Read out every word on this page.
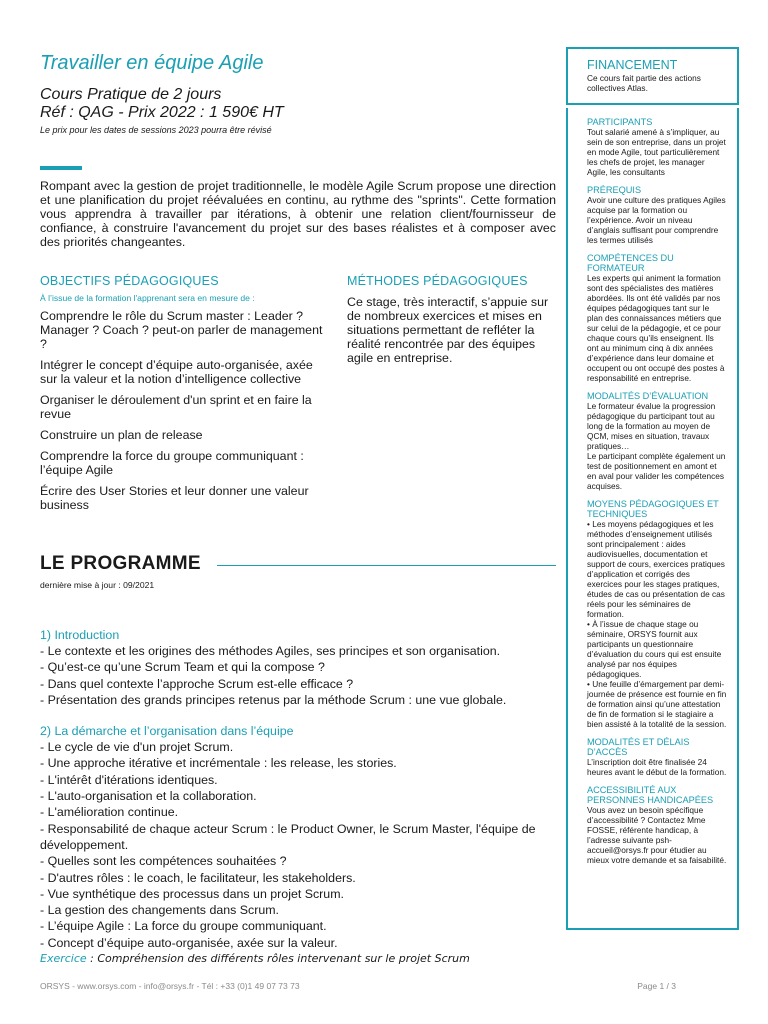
Travailler en équipe Agile
Cours Pratique de 2 jours
Réf : QAG - Prix 2022 : 1 590€ HT
Le prix pour les dates de sessions 2023 pourra être révisé

Rompant avec la gestion de projet traditionnelle, le modèle Agile Scrum propose une direction et une planification du projet réévaluées en continu, au rythme des "sprints". Cette formation vous apprendra à travailler par itérations, à obtenir une relation client/fournisseur de confiance, à construire l'avancement du projet sur des bases réalistes et à composer avec des priorités changeantes.

OBJECTIFS PÉDAGOGIQUES
À l’issue de la formation l'apprenant sera en mesure de :
Comprendre le rôle du Scrum master : Leader ? Manager ? Coach ? peut-on parler de management ?
Intégrer le concept d’équipe auto-organisée, axée sur la valeur et la notion d’intelligence collective
Organiser le déroulement d'un sprint et en faire la revue
Construire un plan de release
Comprendre la force du groupe communiquant : l’équipe Agile
Écrire des User Stories et leur donner une valeur business
MÉTHODES PÉDAGOGIQUES

Ce stage, très interactif, s’appuie sur de nombreux exercices et mises en situations permettant de refléter la réalité rencontrée par des équipes agile en entreprise.

LE PROGRAMME
dernière mise à jour : 09/2021
1) Introduction
- Le contexte et les origines des méthodes Agiles, ses principes et son organisation.
- Qu’est-ce qu’une Scrum Team et qui la compose ?
- Dans quel contexte l’approche Scrum est-elle efficace ?
- Présentation des grands principes retenus par la méthode Scrum : une vue globale.
2) La démarche et l’organisation dans l’équipe
- Le cycle de vie d'un projet Scrum.
- Une approche itérative et incrémentale : les release, les stories.
- L'intérêt d'itérations identiques.
- L'auto-organisation et la collaboration.
- L'amélioration continue.
- Responsabilité de chaque acteur Scrum : le Product Owner, le Scrum Master, l'équipe de développement.
- Quelles sont les compétences souhaitées ?
- D'autres rôles : le coach, le facilitateur, les stakeholders.
- Vue synthétique des processus dans un projet Scrum.
- La gestion des changements dans Scrum.
- L’équipe Agile : La force du groupe communiquant.
- Concept d’équipe auto-organisée, axée sur la valeur.
Exercice : Compréhension des différents rôles intervenant sur le projet Scrum
ORSYS - www.orsys.com - info@orsys.fr - Tél : +33 (0)1 49 07 73 73	Page 1 / 3
FINANCEMENT
Ce cours fait partie des actions collectives Atlas.
PARTICIPANTS
Tout salarié amené à s’impliquer, au sein de son entreprise, dans un projet en mode Agile, tout particulièrement les chefs de projet, les manager Agile, les consultants
PRÉREQUIS
Avoir une culture des pratiques Agiles acquise par la formation ou l’expérience. Avoir un niveau d’anglais suffisant pour comprendre les termes utilisés
COMPÉTENCES DU FORMATEUR
Les experts qui animent la formation sont des spécialistes des matières abordées. Ils ont été validés par nos équipes pédagogiques tant sur le plan des connaissances métiers que sur celui de la pédagogie, et ce pour chaque cours qu’ils enseignent. Ils ont au minimum cinq à dix années d’expérience dans leur domaine et occupent ou ont occupé des postes à responsabilité en entreprise.
MODALITÉS D’ÉVALUATION
Le formateur évalue la progression pédagogique du participant tout au long de la formation au moyen de QCM, mises en situation, travaux pratiques…
Le participant complète également un test de positionnement en amont et en aval pour valider les compétences acquises.
MOYENS PÉDAGOGIQUES ET TECHNIQUES
• Les moyens pédagogiques et les méthodes d’enseignement utilisés sont principalement : aides audiovisuelles, documentation et support de cours, exercices pratiques d’application et corrigés des exercices pour les stages pratiques, études de cas ou présentation de cas réels pour les séminaires de formation.
• À l’issue de chaque stage ou séminaire, ORSYS fournit aux participants un questionnaire d’évaluation du cours qui est ensuite analysé par nos équipes pédagogiques.
• Une feuille d’émargement par demi-journée de présence est fournie en fin de formation ainsi qu’une attestation de fin de formation si le stagiaire a bien assisté à la totalité de la session.
MODALITÉS ET DÉLAIS D’ACCÈS
L’inscription doit être finalisée 24 heures avant le début de la formation.
ACCESSIBILITÉ AUX PERSONNES HANDICAPÉES
Vous avez un besoin spécifique d’accessibilité ? Contactez Mme FOSSE, référente handicap, à l’adresse suivante psh-accueil@orsys.fr pour étudier au mieux votre demande et sa faisabilité.
